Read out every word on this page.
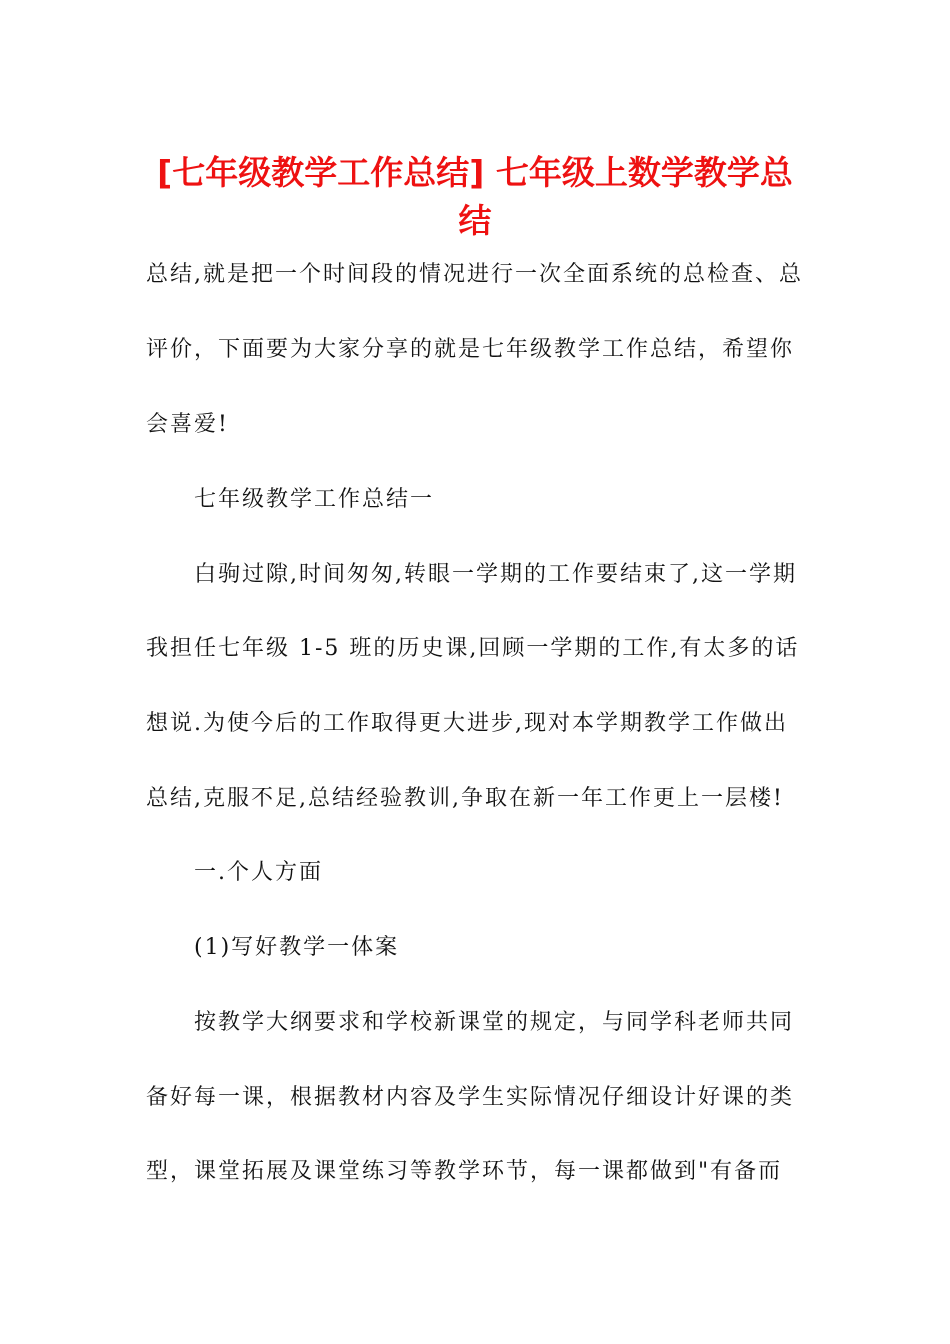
[七年级教学工作总结] 七年级上数学教学总
结
总结,就是把一个时间段的情况进行一次全面系统的总检查、总
评价，下面要为大家分享的就是七年级教学工作总结，希望你
会喜爱!
七年级教学工作总结一
白驹过隙,时间匆匆,转眼一学期的工作要结束了,这一学期
我担任七年级 1-5 班的历史课,回顾一学期的工作,有太多的话
想说.为使今后的工作取得更大进步,现对本学期教学工作做出
总结,克服不足,总结经验教训,争取在新一年工作更上一层楼!
一.个人方面
(1)写好教学一体案
按教学大纲要求和学校新课堂的规定，与同学科老师共同
备好每一课，根据教材内容及学生实际情况仔细设计好课的类
型，课堂拓展及课堂练习等教学环节，每一课都做到"有备而
